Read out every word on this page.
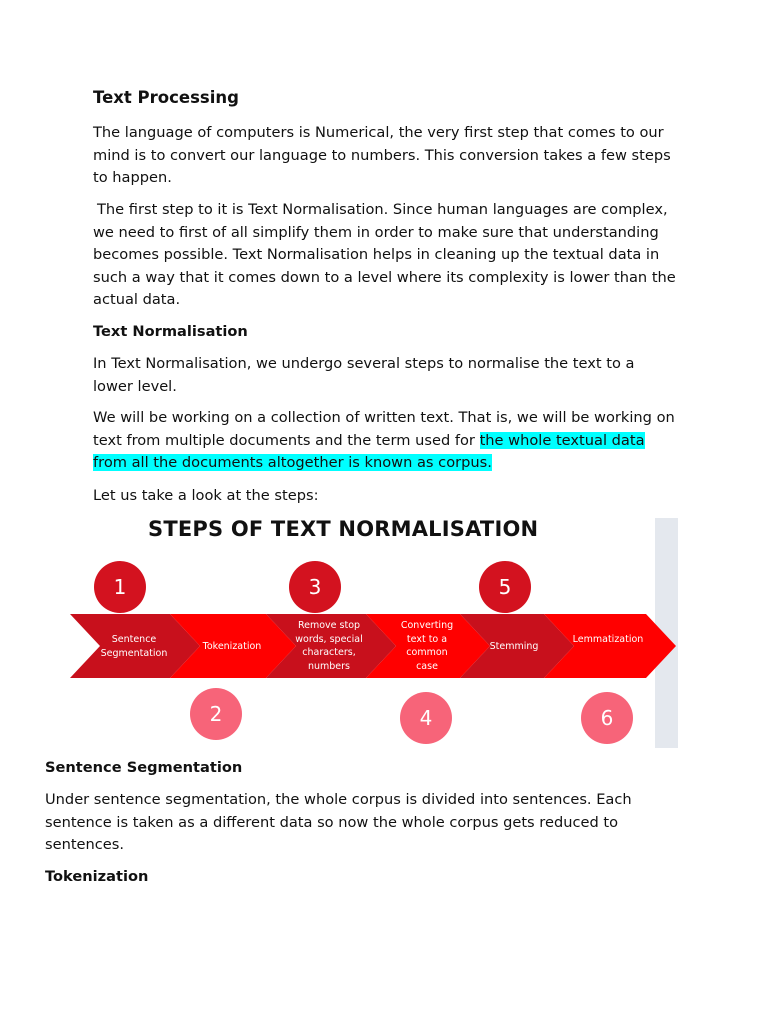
Text Processing

The language of computers is Numerical, the very first step that comes to our mind is to convert our language to numbers. This conversion takes a few steps to happen.

The first step to it is Text Normalisation. Since human languages are complex, we need to first of all simplify them in order to make sure that understanding becomes possible. Text Normalisation helps in cleaning up the textual data in such a way that it comes down to a level where its complexity is lower than the actual data.

Text Normalisation

In Text Normalisation, we undergo several steps to normalise the text to a lower level.

We will be working on a collection of written text. That is, we will be working on text from multiple documents and the term used for the whole textual data from all the documents altogether is known as corpus.

Let us take a look at the steps:

STEPS OF TEXT NORMALISATION
1
2
3
4
5
6
Sentence Segmentation
Tokenization
Remove stop words, special characters, numbers
Converting text to a common case
Stemming
Lemmatization
Sentence Segmentation

Under sentence segmentation, the whole corpus is divided into sentences. Each sentence is taken as a different data so now the whole corpus gets reduced to sentences.

Tokenization
